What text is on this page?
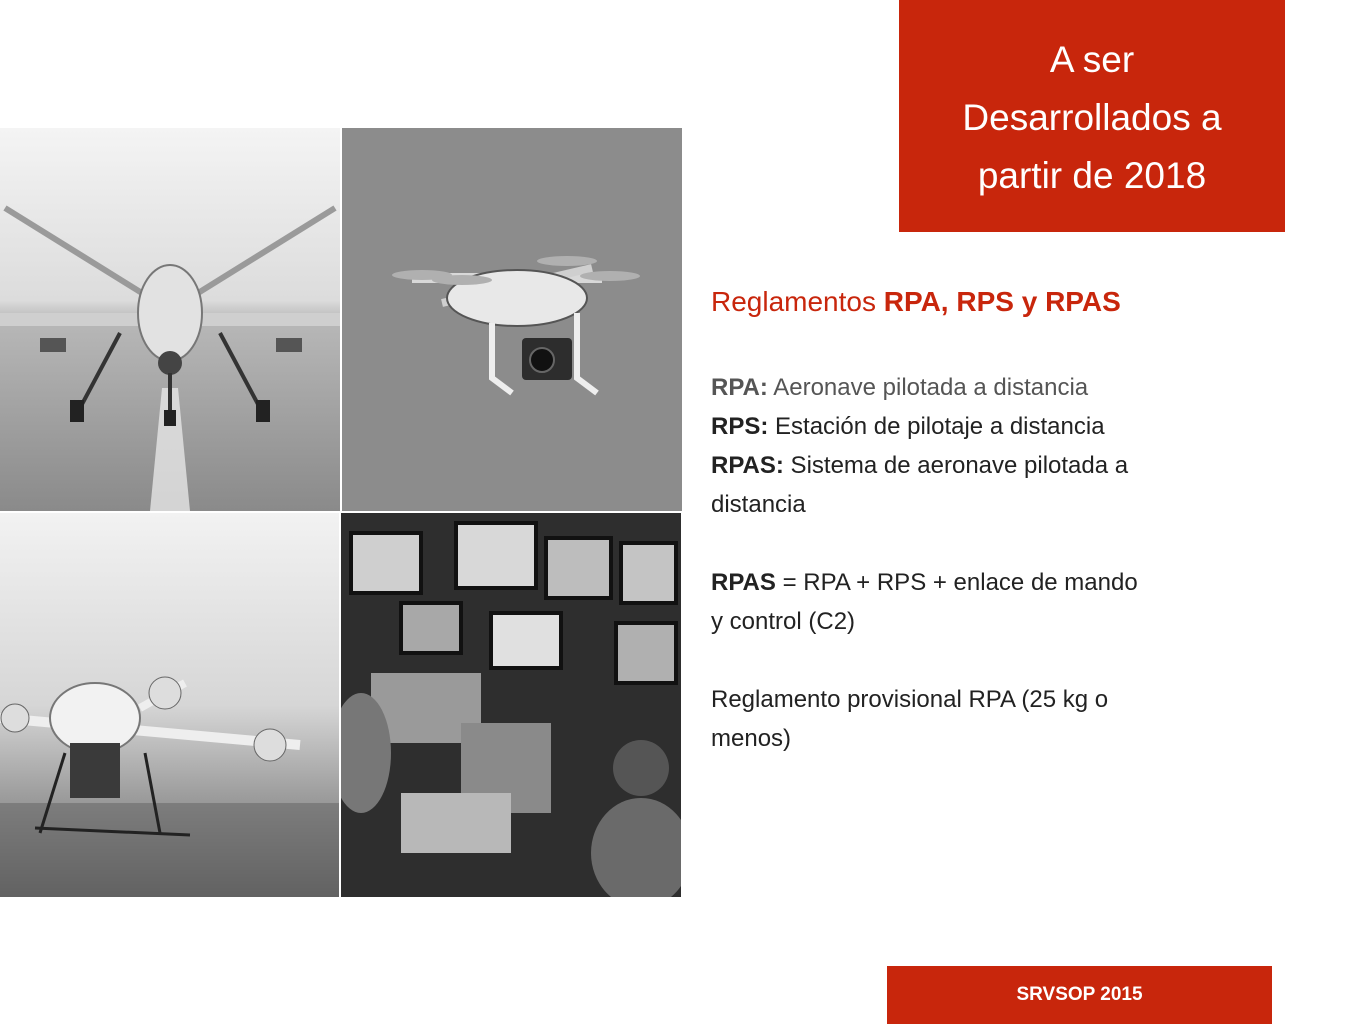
A ser
Desarrollados a
partir de 2018

Reglamentos RPA, RPS y RPAS

RPA: Aeronave pilotada a distancia

RPS: Estación de pilotaje a distancia

RPAS: Sistema de aeronave pilotada a

distancia

RPAS = RPA + RPS + enlace de mando

y control (C2)

Reglamento provisional RPA (25 kg o

menos)

SRVSOP 2015
